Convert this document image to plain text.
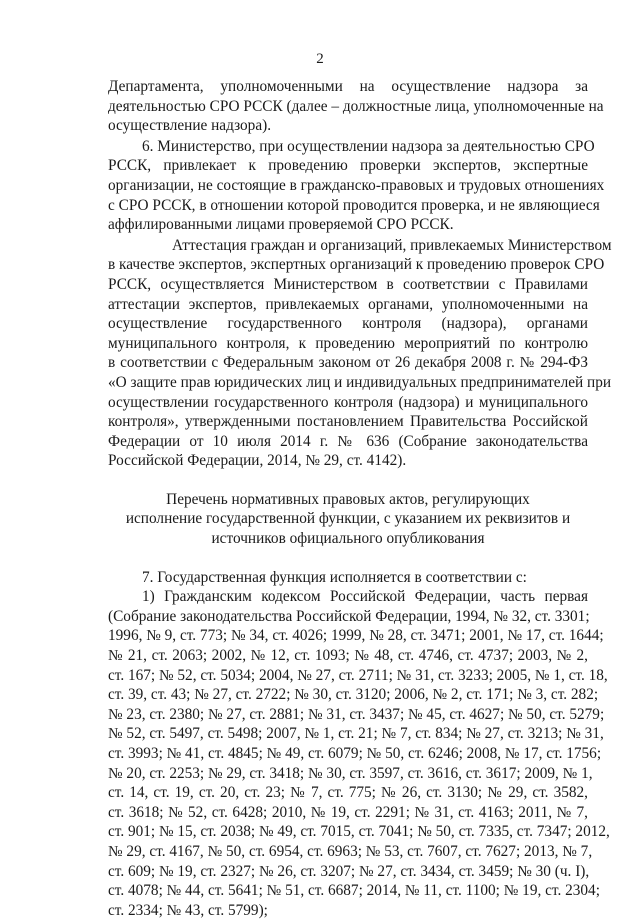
2

Департамента, уполномоченными на осуществление надзора за
деятельностью СРО РССК (далее – должностные лица, уполномоченные на
осуществление надзора).

6. Министерство, при осуществлении надзора за деятельностью СРО
РССК, привлекает к проведению проверки экспертов, экспертные
организации, не состоящие в гражданско-правовых и трудовых отношениях
с СРО РССК, в отношении которой проводится проверка, и не являющиеся
аффилированными лицами проверяемой СРО РССК.

Аттестация граждан и организаций, привлекаемых Министерством
в качестве экспертов, экспертных организаций к проведению проверок СРО
РССК, осуществляется Министерством в соответствии с Правилами
аттестации экспертов, привлекаемых органами, уполномоченными на
осуществление государственного контроля (надзора), органами
муниципального контроля, к проведению мероприятий по контролю
в соответствии с Федеральным законом от 26 декабря 2008 г. № 294-ФЗ
«О защите прав юридических лиц и индивидуальных предпринимателей при
осуществлении государственного контроля (надзора) и муниципального
контроля», утвержденными постановлением Правительства Российской
Федерации от 10 июля 2014 г. № 636 (Собрание законодательства
Российской Федерации, 2014, № 29, ст. 4142).

Перечень нормативных правовых актов, регулирующих
исполнение государственной функции, с указанием их реквизитов и
источников официального опубликования

7. Государственная функция исполняется в соответствии с:

1) Гражданским кодексом Российской Федерации, часть первая
(Собрание законодательства Российской Федерации, 1994, № 32, ст. 3301;
1996, № 9, ст. 773; № 34, ст. 4026; 1999, № 28, ст. 3471; 2001, № 17, ст. 1644;
№ 21, ст. 2063; 2002, № 12, ст. 1093; № 48, ст. 4746, ст. 4737; 2003, № 2,
ст. 167; № 52, ст. 5034; 2004, № 27, ст. 2711; № 31, ст. 3233; 2005, № 1, ст. 18,
ст. 39, ст. 43; № 27, ст. 2722; № 30, ст. 3120; 2006, № 2, ст. 171; № 3, ст. 282;
№ 23, ст. 2380; № 27, ст. 2881; № 31, ст. 3437; № 45, ст. 4627; № 50, ст. 5279;
№ 52, ст. 5497, ст. 5498; 2007, № 1, ст. 21; № 7, ст. 834; № 27, ст. 3213; № 31,
ст. 3993; № 41, ст. 4845; № 49, ст. 6079; № 50, ст. 6246; 2008, № 17, ст. 1756;
№ 20, ст. 2253; № 29, ст. 3418; № 30, ст. 3597, ст. 3616, ст. 3617; 2009, № 1,
ст. 14, ст. 19, ст. 20, ст. 23; № 7, ст. 775; № 26, ст. 3130; № 29, ст. 3582,
ст. 3618; № 52, ст. 6428; 2010, № 19, ст. 2291; № 31, ст. 4163; 2011, № 7,
ст. 901; № 15, ст. 2038; № 49, ст. 7015, ст. 7041; № 50, ст. 7335, ст. 7347; 2012,
№ 29, ст. 4167, № 50, ст. 6954, ст. 6963; № 53, ст. 7607, ст. 7627; 2013, № 7,
ст. 609; № 19, ст. 2327; № 26, ст. 3207; № 27, ст. 3434, ст. 3459; № 30 (ч. I),
ст. 4078; № 44, ст. 5641; № 51, ст. 6687; 2014, № 11, ст. 1100; № 19, ст. 2304;
ст. 2334; № 43, ст. 5799);
